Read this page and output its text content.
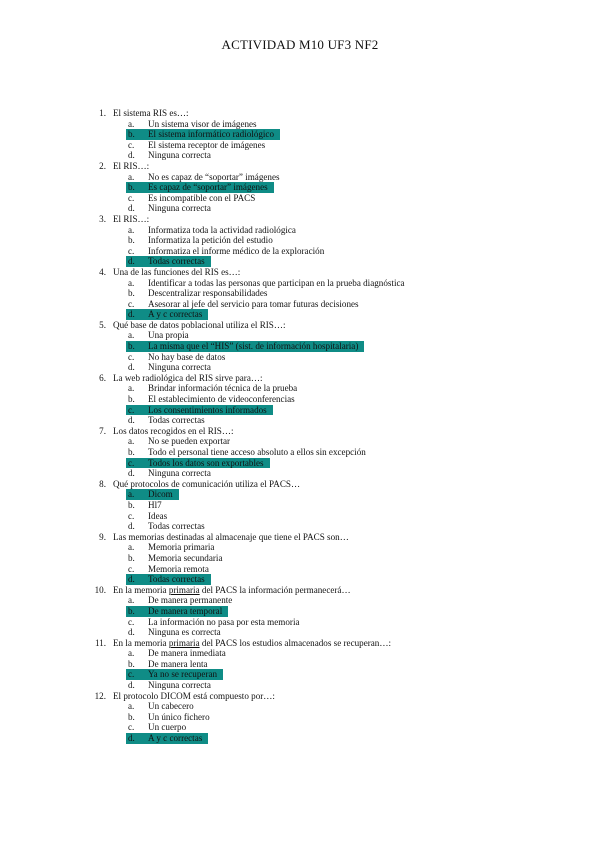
ACTIVIDAD M10 UF3 NF2
1. El sistema RIS es…:
a.	Un sistema visor de imágenes
b.	El sistema informático radiológico
c.	El sistema receptor de imágenes
d.	Ninguna correcta
2. El RIS…:
a.	No es capaz de “soportar” imágenes
b.	Es capaz de “soportar” imágenes
c.	Es incompatible con el PACS
d.	Ninguna correcta
3. El RIS…:
a.	Informatiza toda la actividad radiológica
b.	Informatiza la petición del estudio
c.	Informatiza el informe médico de la exploración
d.	Todas correctas
4. Una de las funciones del RIS es…:
a.	Identificar a todas las personas que participan en la prueba diagnóstica
b.	Descentralizar responsabilidades
c.	Asesorar al jefe del servicio para tomar futuras decisiones
d.	A y c correctas
5. Qué base de datos poblacional utiliza el RIS…:
a.	Una propia
b.	La misma que el “HIS” (sist. de información hospitalaria)
c.	No hay base de datos
d.	Ninguna correcta
6. La web radiológica del RIS sirve para…:
a.	Brindar información técnica de la prueba
b.	El establecimiento de videoconferencias
c.	Los consentimientos informados
d.	Todas correctas
7. Los datos recogidos en el RIS…:
a.	No se pueden exportar
b.	Todo el personal tiene acceso absoluto a ellos sin excepción
c.	Todos los datos son exportables
d.	Ninguna correcta
8. Qué protocolos de comunicación utiliza el PACS…
a.	Dicom
b.	Hl7
c.	Ideas
d.	Todas correctas
9. Las memorias destinadas al almacenaje que tiene el PACS son…
a.	Memoria primaria
b.	Memoria secundaria
c.	Memoria remota
d.	Todas correctas
10. En la memoria primaria del PACS la información permanecerá…
a.	De manera permanente
b.	De manera temporal
c.	La información no pasa por esta memoria
d.	Ninguna es correcta
11. En la memoria primaria del PACS los estudios almacenados se recuperan…:
a.	De manera inmediata
b.	De manera lenta
c.	Ya no se recuperan
d.	Ninguna correcta
12. El protocolo DICOM está compuesto por…:
a.	Un cabecero
b.	Un único fichero
c.	Un cuerpo
d.	A y c correctas
